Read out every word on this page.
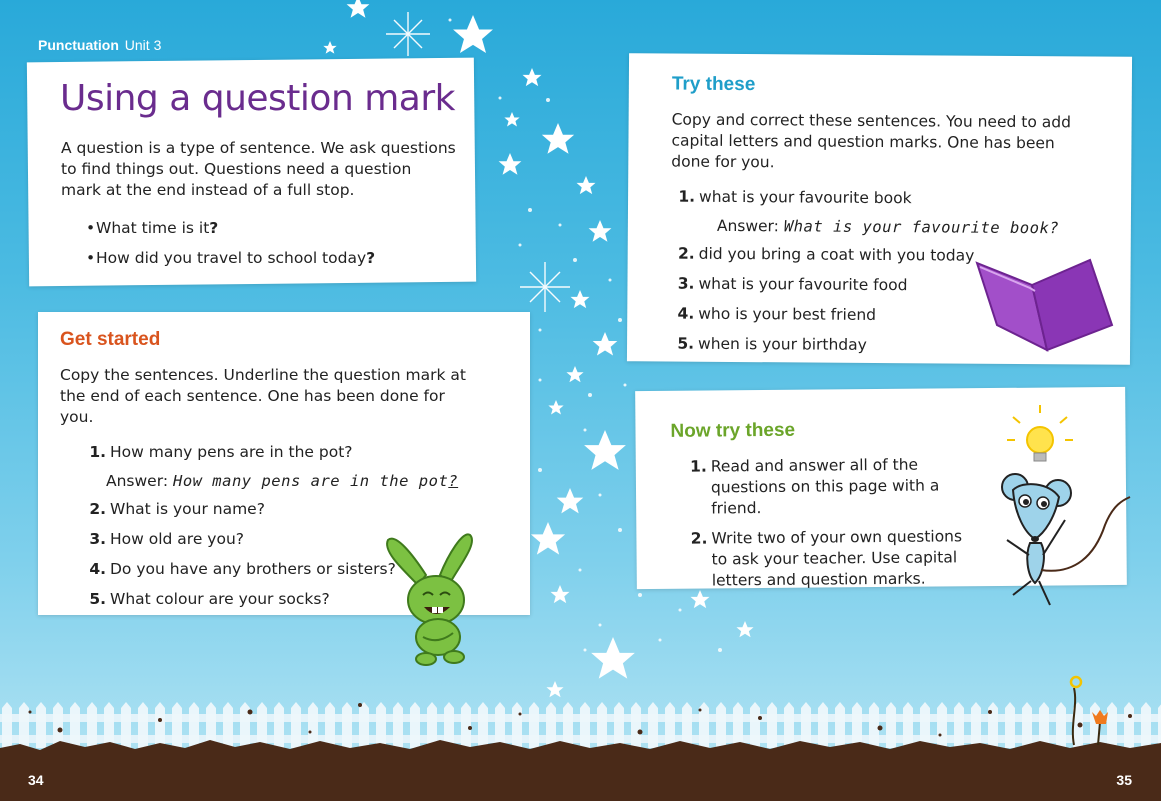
Punctuation Unit 3
Using a question mark

A question is a type of sentence. We ask questions to find things out. Questions need a question mark at the end instead of a full stop.

•What time is it?
•How did you travel to school today?
Get started

Copy the sentences. Underline the question mark at the end of each sentence. One has been done for you.

1. How many pens are in the pot?
Answer: How many pens are in the pot?
2. What is your name?
3. How old are you?
4. Do you have any brothers or sisters?
5. What colour are your socks?
Try these

Copy and correct these sentences. You need to add capital letters and question marks. One has been done for you.

1. what is your favourite book
Answer: What is your favourite book?
2. did you bring a coat with you today
3. what is your favourite food
4. who is your best friend
5. when is your birthday
Now try these
1. Read and answer all of the questions on this page with a friend.
2. Write two of your own questions to ask your teacher. Use capital letters and question marks.
34	35
